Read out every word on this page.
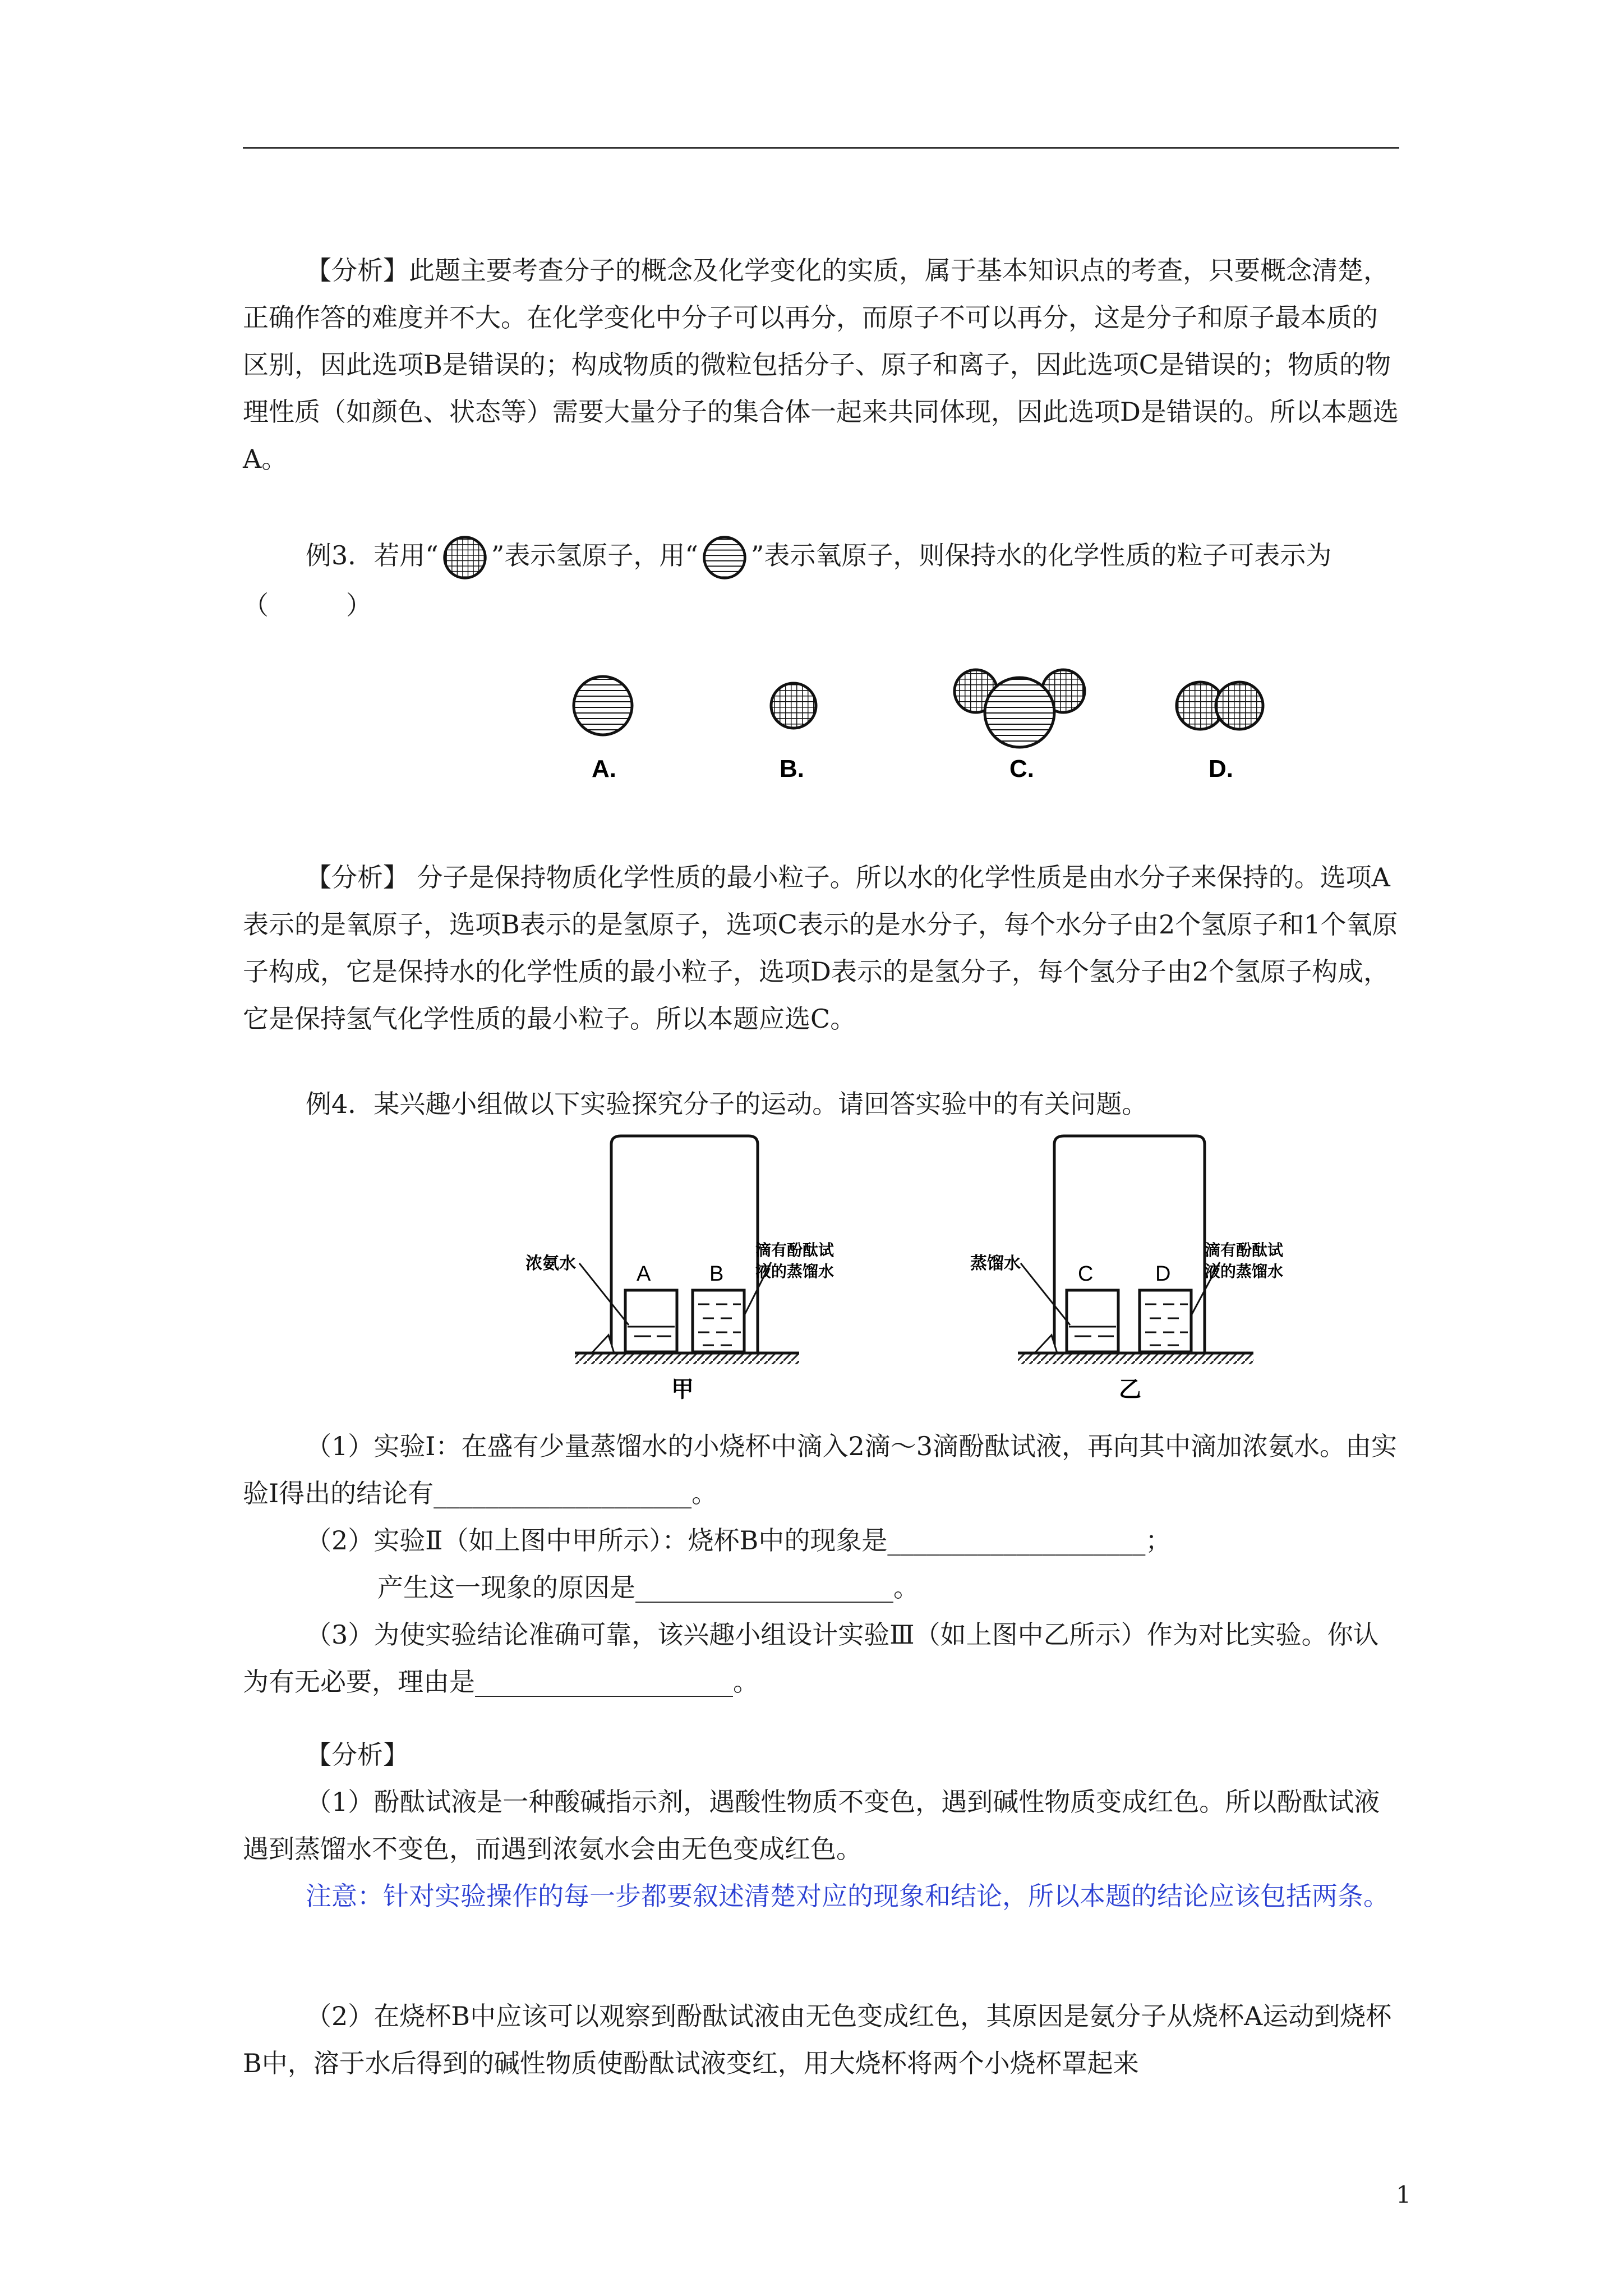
【分析】此题主要考查分子的概念及化学变化的实质，属于基本知识点的考查，只要概念清楚，正确作答的难度并不大。在化学变化中分子可以再分，而原子不可以再分，这是分子和原子最本质的区别，因此选项B是错误的；构成物质的微粒包括分子、原子和离子，因此选项C是错误的；物质的物理性质（如颜色、状态等）需要大量分子的集合体一起来共同体现，因此选项D是错误的。所以本题选A。

例3．若用“ ”表示氢原子，用“ ”表示氧原子，则保持水的化学性质的粒子可表示为（　　　）

A.	B.	C.	D.

【分析】 分子是保持物质化学性质的最小粒子。所以水的化学性质是由水分子来保持的。选项A表示的是氧原子，选项B表示的是氢原子，选项C表示的是水分子，每个水分子由2个氢原子和1个氧原子构成，它是保持水的化学性质的最小粒子，选项D表示的是氢分子，每个氢分子由2个氢原子构成，它是保持氢气化学性质的最小粒子。所以本题应选C。

例4．某兴趣小组做以下实验探究分子的运动。请回答实验中的有关问题。

A	B
浓氨水
滴有酚酞试
液的蒸馏水
甲
C	D
蒸馏水
滴有酚酞试
液的蒸馏水
乙

（1）实验Ⅰ：在盛有少量蒸馏水的小烧杯中滴入2滴～3滴酚酞试液，再向其中滴加浓氨水。由实验Ⅰ得出的结论有____________________。

（2）实验Ⅱ（如上图中甲所示）：烧杯B中的现象是____________________；

产生这一现象的原因是____________________。

（3）为使实验结论准确可靠，该兴趣小组设计实验Ⅲ（如上图中乙所示）作为对比实验。你认为有无必要，理由是____________________。

【分析】

（1）酚酞试液是一种酸碱指示剂，遇酸性物质不变色，遇到碱性物质变成红色。所以酚酞试液遇到蒸馏水不变色，而遇到浓氨水会由无色变成红色。

注意：针对实验操作的每一步都要叙述清楚对应的现象和结论，所以本题的结论应该包括两条。

（2）在烧杯B中应该可以观察到酚酞试液由无色变成红色，其原因是氨分子从烧杯A运动到烧杯B中，溶于水后得到的碱性物质使酚酞试液变红，用大烧杯将两个小烧杯罩起来

1
